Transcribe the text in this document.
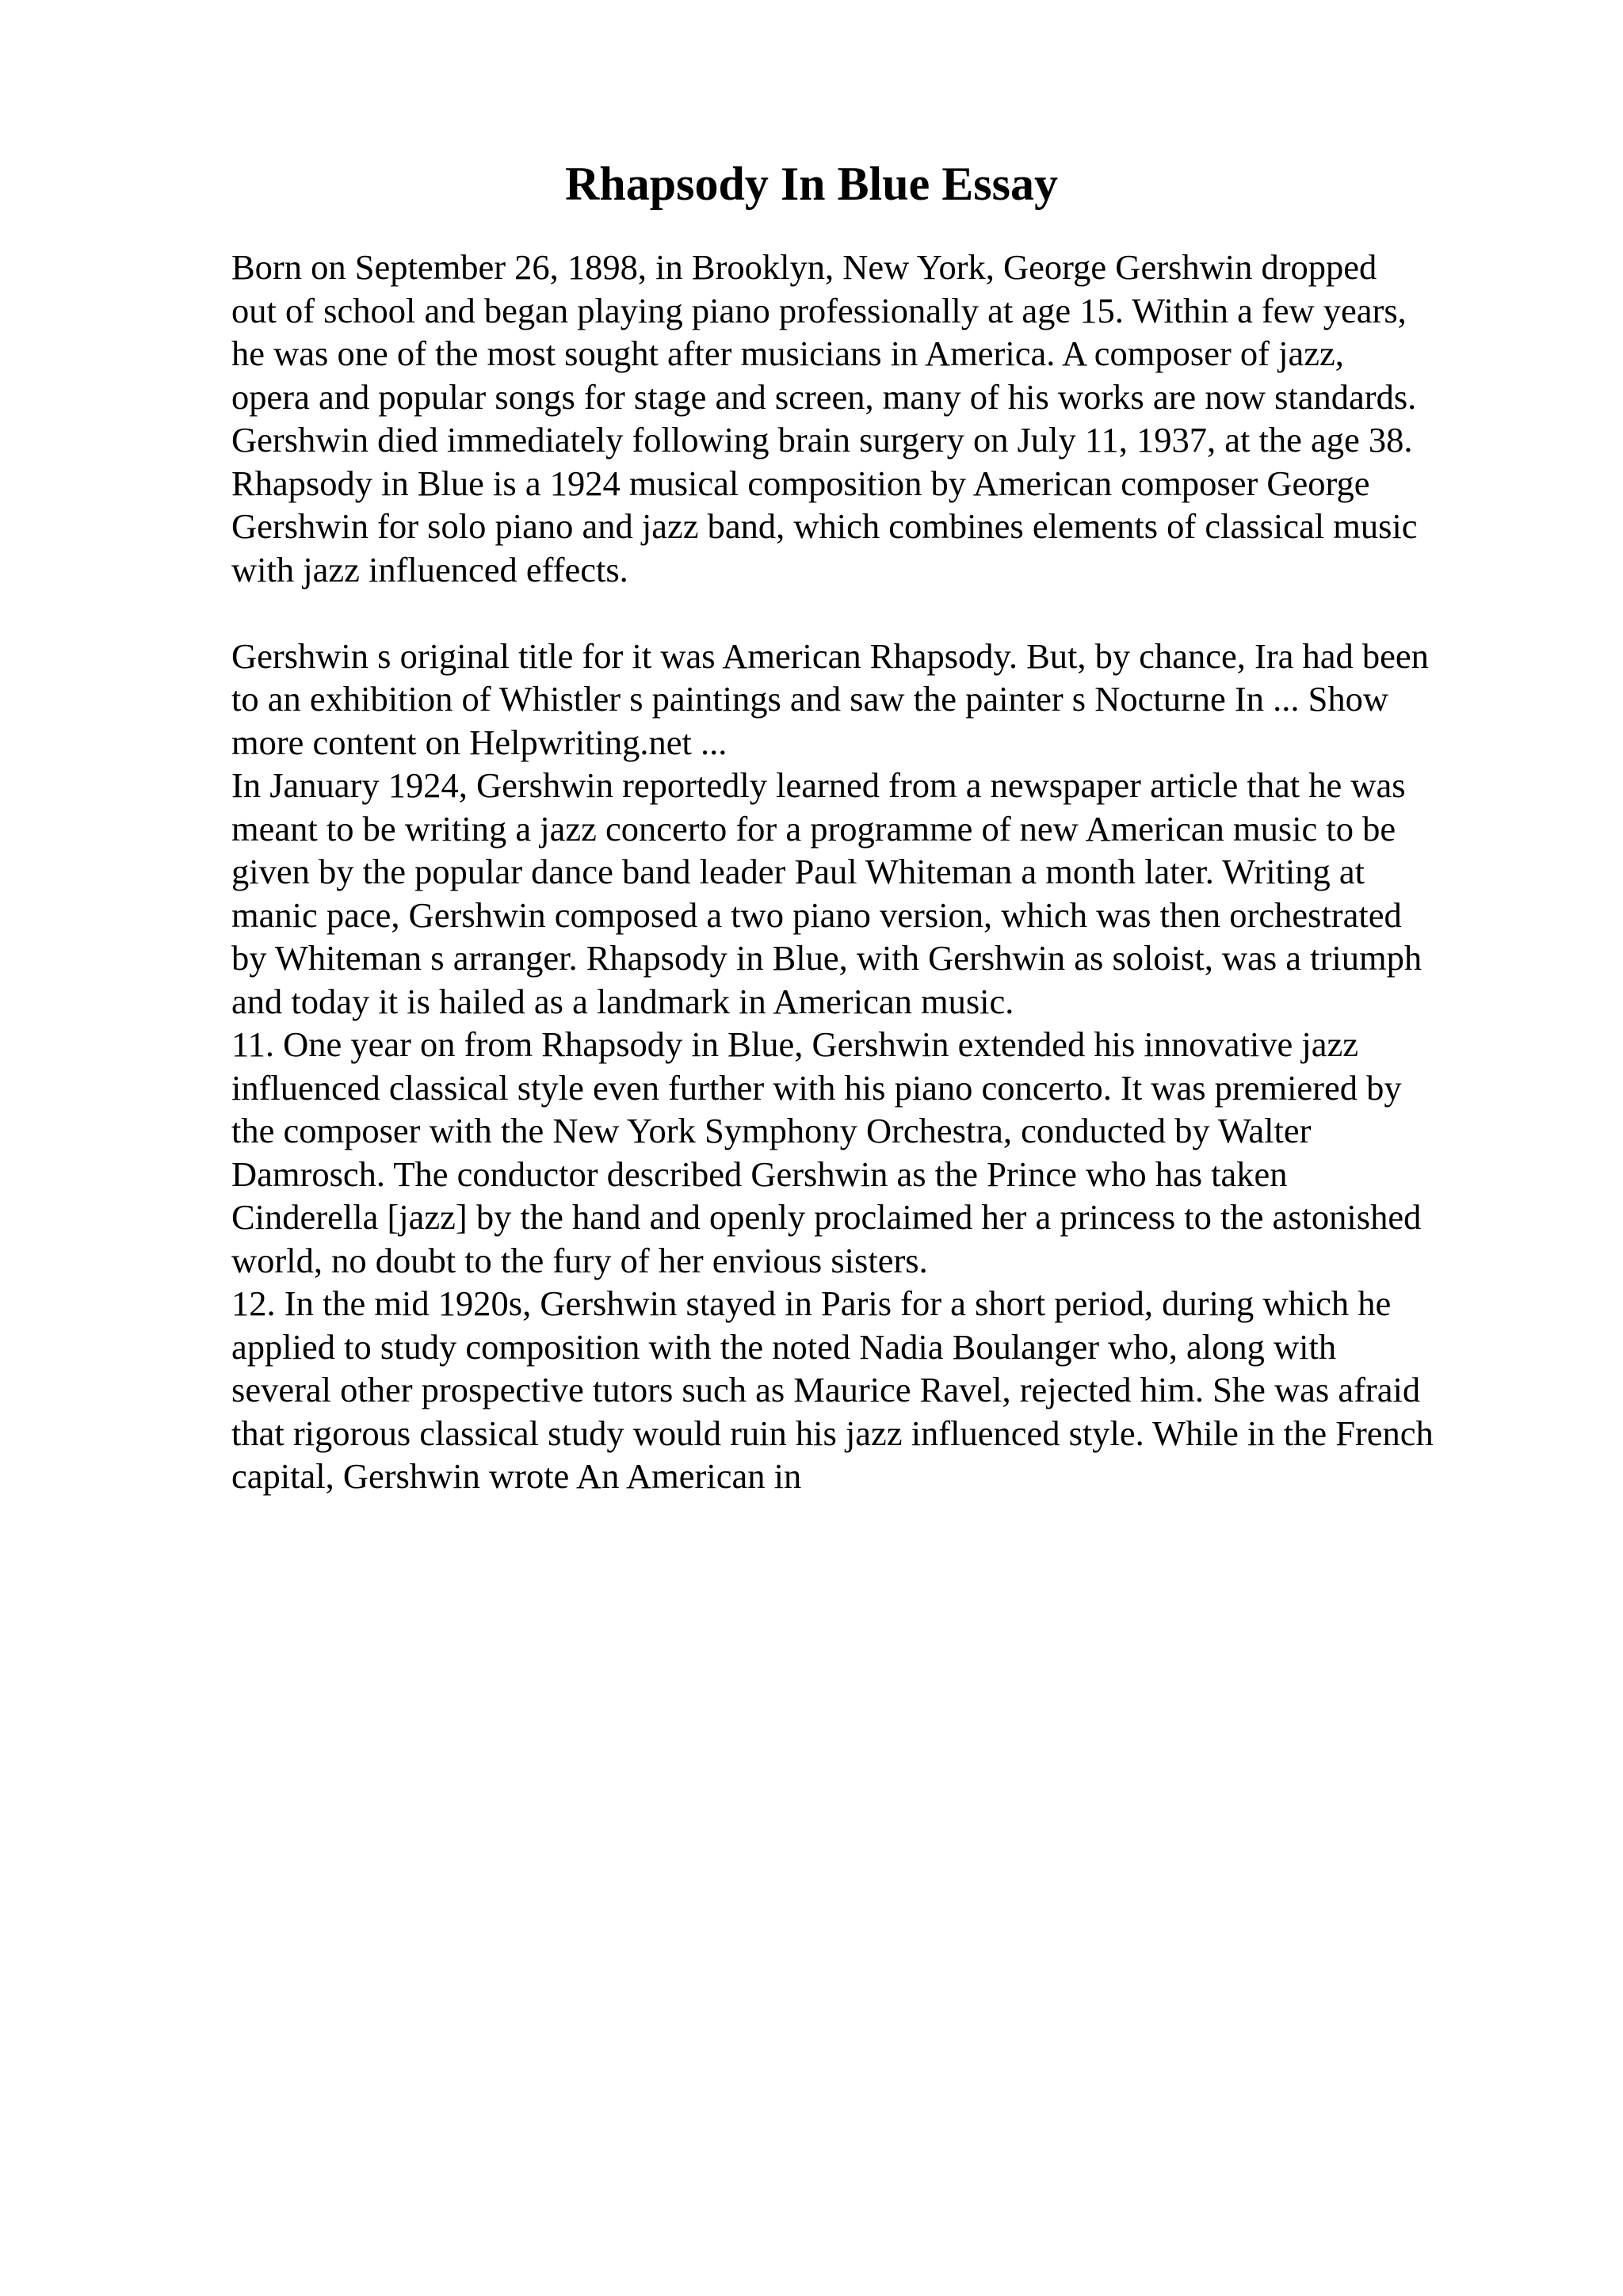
Rhapsody In Blue Essay
Born on September 26, 1898, in Brooklyn, New York, George Gershwin dropped
out of school and began playing piano professionally at age 15. Within a few years,
he was one of the most sought after musicians in America. A composer of jazz,
opera and popular songs for stage and screen, many of his works are now standards.
Gershwin died immediately following brain surgery on July 11, 1937, at the age 38.
Rhapsody in Blue is a 1924 musical composition by American composer George
Gershwin for solo piano and jazz band, which combines elements of classical music
with jazz influenced effects.
Gershwin s original title for it was American Rhapsody. But, by chance, Ira had been
to an exhibition of Whistler s paintings and saw the painter s Nocturne In ... Show
more content on Helpwriting.net ...
In January 1924, Gershwin reportedly learned from a newspaper article that he was
meant to be writing a jazz concerto for a programme of new American music to be
given by the popular dance band leader Paul Whiteman a month later. Writing at
manic pace, Gershwin composed a two piano version, which was then orchestrated
by Whiteman s arranger. Rhapsody in Blue, with Gershwin as soloist, was a triumph
and today it is hailed as a landmark in American music.
11. One year on from Rhapsody in Blue, Gershwin extended his innovative jazz
influenced classical style even further with his piano concerto. It was premiered by
the composer with the New York Symphony Orchestra, conducted by Walter
Damrosch. The conductor described Gershwin as the Prince who has taken
Cinderella [jazz] by the hand and openly proclaimed her a princess to the astonished
world, no doubt to the fury of her envious sisters.
12. In the mid 1920s, Gershwin stayed in Paris for a short period, during which he
applied to study composition with the noted Nadia Boulanger who, along with
several other prospective tutors such as Maurice Ravel, rejected him. She was afraid
that rigorous classical study would ruin his jazz influenced style. While in the French
capital, Gershwin wrote An American in
